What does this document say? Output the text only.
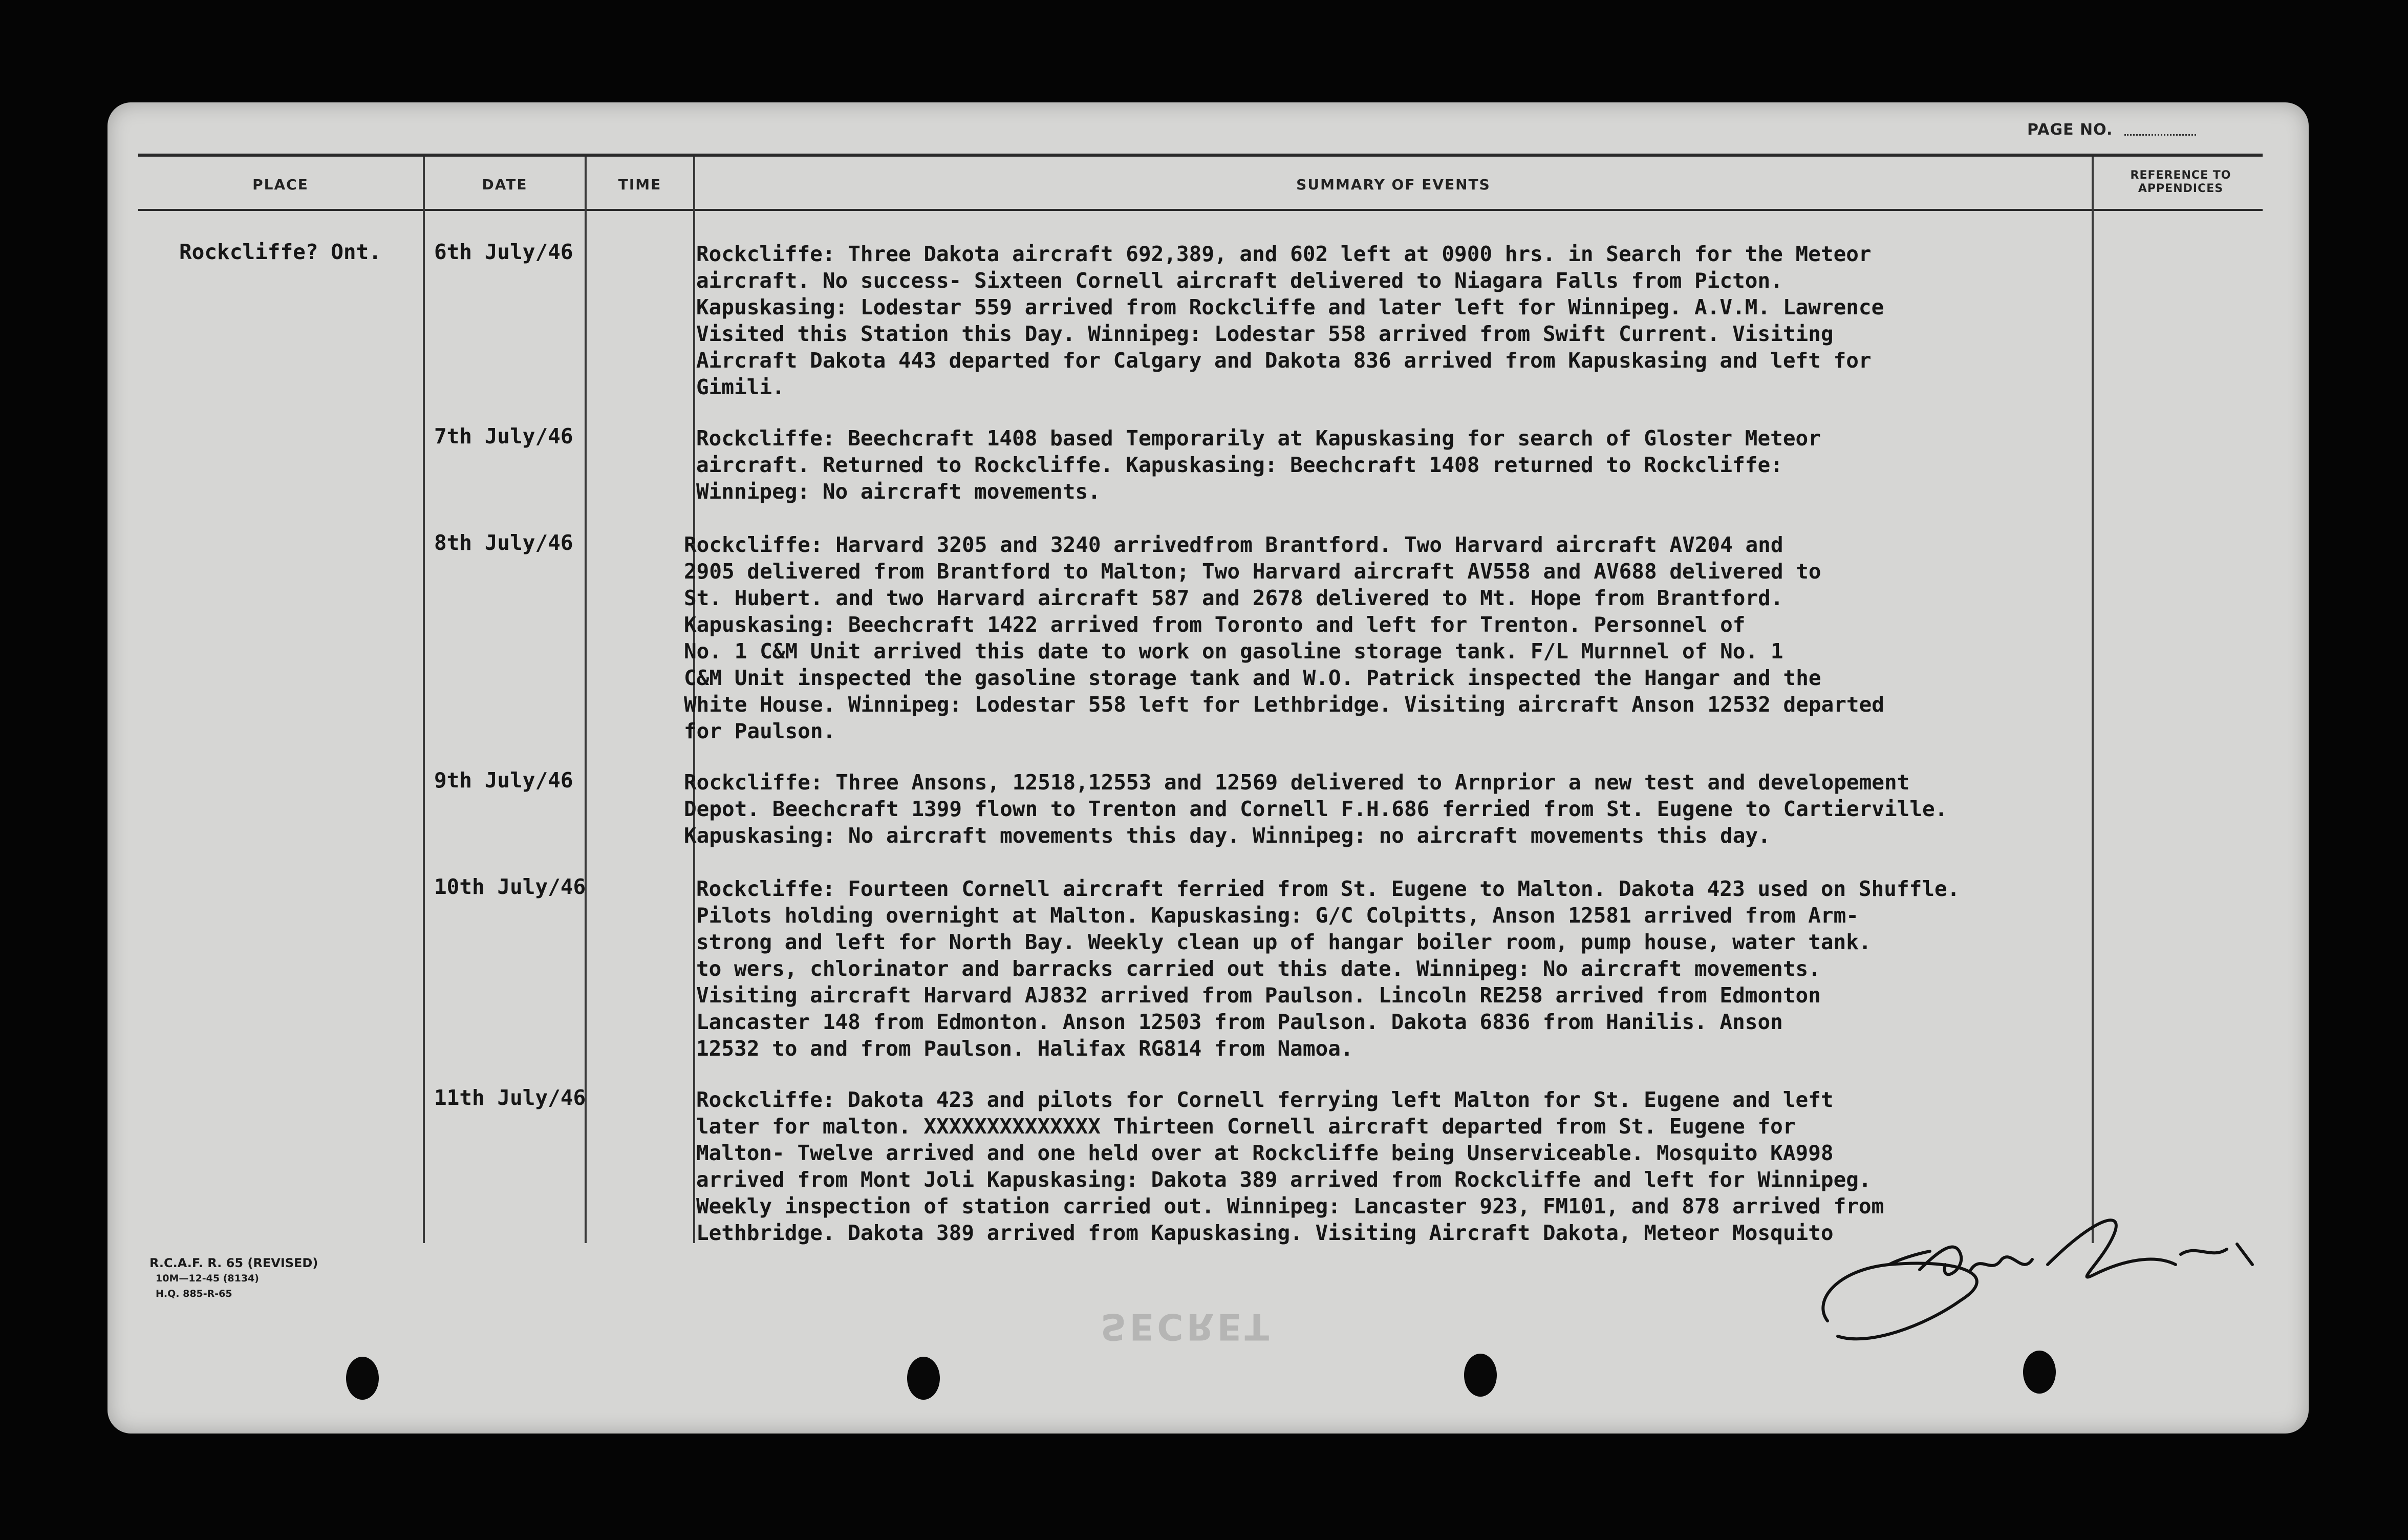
PAGE NO.
PLACE	DATE	TIME	SUMMARY OF EVENTS
REFERENCE TO APPENDICES

Rockcliffe? Ont.	6th July/46	Rockcliffe: Three Dakota aircraft 692,389, and 602 left at 0900 hrs. in Search for the Meteor
aircraft. No success- Sixteen Cornell aircraft delivered to Niagara Falls from Picton.
Kapuskasing: Lodestar 559 arrived from Rockcliffe and later left for Winnipeg. A.V.M. Lawrence
Visited this Station this Day. Winnipeg: Lodestar 558 arrived from Swift Current. Visiting
Aircraft Dakota 443 departed for Calgary and Dakota 836 arrived from Kapuskasing and left for
Gimili.

7th July/46	Rockcliffe: Beechcraft 1408 based Temporarily at Kapuskasing for search of Gloster Meteor
aircraft. Returned to Rockcliffe. Kapuskasing: Beechcraft 1408 returned to Rockcliffe:
Winnipeg: No aircraft movements.

8th July/46	Rockcliffe: Harvard 3205 and 3240 arrivedfrom Brantford. Two Harvard aircraft AV204 and
2905 delivered from Brantford to Malton; Two Harvard aircraft AV558 and AV688 delivered to
St. Hubert. and two Harvard aircraft 587 and 2678 delivered to Mt. Hope from Brantford.
Kapuskasing: Beechcraft 1422 arrived from Toronto and left for Trenton. Personnel of
No. 1 C&M Unit arrived this date to work on gasoline storage tank. F/L Murnnel of No. 1
C&M Unit inspected the gasoline storage tank and W.O. Patrick inspected the Hangar and the
White House. Winnipeg: Lodestar 558 left for Lethbridge. Visiting aircraft Anson 12532 departed
for Paulson.

9th July/46	Rockcliffe: Three Ansons, 12518,12553 and 12569 delivered to Arnprior a new test and developement
Depot. Beechcraft 1399 flown to Trenton and Cornell F.H.686 ferried from St. Eugene to Cartierville.
Kapuskasing: No aircraft movements this day. Winnipeg: no aircraft movements this day.

10th July/46	Rockcliffe: Fourteen Cornell aircraft ferried from St. Eugene to Malton. Dakota 423 used on Shuffle.
Pilots holding overnight at Malton. Kapuskasing: G/C Colpitts, Anson 12581 arrived from Arm-
strong and left for North Bay. Weekly clean up of hangar boiler room, pump house, water tank.
to wers, chlorinator and barracks carried out this date. Winnipeg: No aircraft movements.
Visiting aircraft Harvard AJ832 arrived from Paulson. Lincoln RE258 arrived from Edmonton
Lancaster 148 from Edmonton. Anson 12503 from Paulson. Dakota 6836 from Hanilis. Anson
12532 to and from Paulson. Halifax RG814 from Namoa.

11th July/46	Rockcliffe: Dakota 423 and pilots for Cornell ferrying left Malton for St. Eugene and left
later for malton. XXXXXXXXXXXXXX Thirteen Cornell aircraft departed from St. Eugene for
Malton- Twelve arrived and one held over at Rockcliffe being Unserviceable. Mosquito KA998
arrived from Mont Joli Kapuskasing: Dakota 389 arrived from Rockcliffe and left for Winnipeg.
Weekly inspection of station carried out. Winnipeg: Lancaster 923, FM101, and 878 arrived from
Lethbridge. Dakota 389 arrived from Kapuskasing. Visiting Aircraft Dakota, Meteor Mosquito

R.C.A.F. R. 65 (REVISED)
10M—12-45 (8134)
H.Q. 885-R-65
SECRET
